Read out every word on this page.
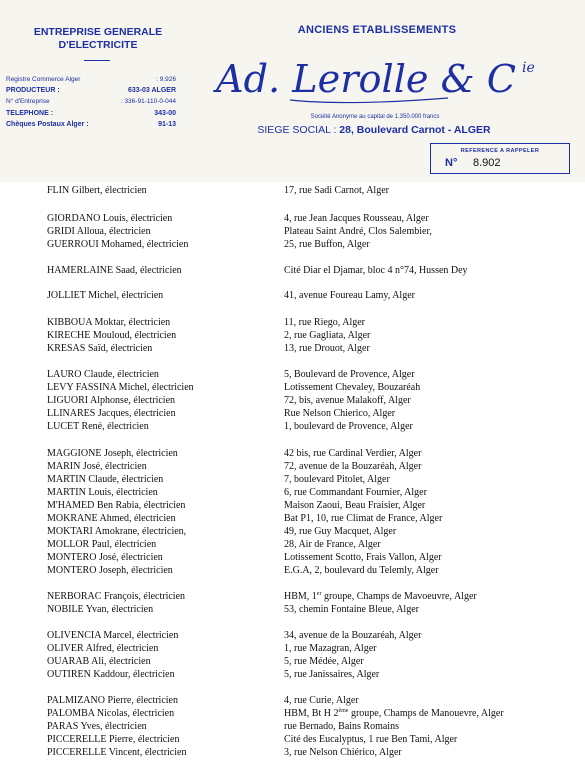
ENTREPRISE GENERALE
D'ELECTRICITE
Registre Commerce Alger	: 9.926
PRODUCTEUR :	633-03 ALGER
N° d'Entreprise	: 336-91-110-0-044
TELEPHONE :	343-00
Chèques Postaux Alger :	91-13
ANCIENS ETABLISSEMENTS
Ad. Lerolle & C ie
Société Anonyme au capital de 1.350.000 francs
SIEGE SOCIAL : 28, Boulevard Carnot - ALGER
REFERENCE A RAPPELER
N° 8.902
FLIN Gilbert, électricien	17, rue Sadi Carnot, Alger
GIORDANO Louis, électricien	4, rue Jean Jacques Rousseau, Alger
GRIDI Alloua, électricien	Plateau Saint André, Clos Salembier,
GUERROUI Mohamed, électricien	25, rue Buffon, Alger
HAMERLAINE Saad, électricien	Cité Diar el Djamar, bloc 4 n°74, Hussen Dey
JOLLIET Michel, électricien	41, avenue Foureau Lamy, Alger
KIBBOUA Moktar, électricien	11, rue Riego, Alger
KIRECHE Mouloud, électricien	2, rue Gagliata, Alger
KRESAS Saïd, électricien	13, rue Drouot, Alger
LAURO Claude, électricien	5, Boulevard de Provence, Alger
LEVY FASSINA Michel, électricien	Lotissement Chevaley, Bouzaréah
LIGUORI Alphonse, électricien	72, bis, avenue Malakoff, Alger
LLINARES Jacques, électricien	Rue Nelson Chierico, Alger
LUCET René, électricien	1, boulevard de Provence, Alger
MAGGIONE Joseph, électricien	42 bis, rue Cardinal Verdier, Alger
MARIN José, électricien	72, avenue de la Bouzaréah, Alger
MARTIN Claude, électricien	7, boulevard Pitolet, Alger
MARTIN Louis, électricien	6, rue Commandant Fournier, Alger
M'HAMED Ben Rabia, électricien	Maison Zaoui, Beau Fraisier, Alger
MOKRANE Ahmed, électricien	Bat P1, 10, rue Climat de France, Alger
MOKTARI Amokrane, électricien,	49, rue Guy Macquet, Alger
MOLLOR Paul, électricien	28, Air de France, Alger
MONTERO José, électricien	Lotissement Scotto, Frais Vallon, Alger
MONTERO Joseph, électricien	E.G.A, 2, boulevard du Telemly, Alger
NERBORAC François, électricien	HBM, 1er groupe, Champs de Mavoeuvre, Alger
NOBILE Yvan, électricien	53, chemin Fontaine Bleue, Alger
OLIVENCIA Marcel, électricien	34, avenue de la Bouzaréah, Alger
OLIVER Alfred, électricien	1, rue Mazagran, Alger
OUARAB Ali, électricien	5, rue Médée, Alger
OUTIREN Kaddour, électricien	5, rue Janissaires, Alger
PALMIZANO Pierre, électricien	4, rue Curie, Alger
PALOMBA Nicolas, électricien	HBM, Bt H 2ème groupe, Champs de Manouevre, Alger
PARAS Yves, électricien	rue Bernado, Bains Romains
PICCERELLE Pierre, électricien	Cité des Eucalyptus, 1 rue Ben Tami, Alger
PICCERELLE Vincent, électricien	3, rue Nelson Chiérico, Alger
